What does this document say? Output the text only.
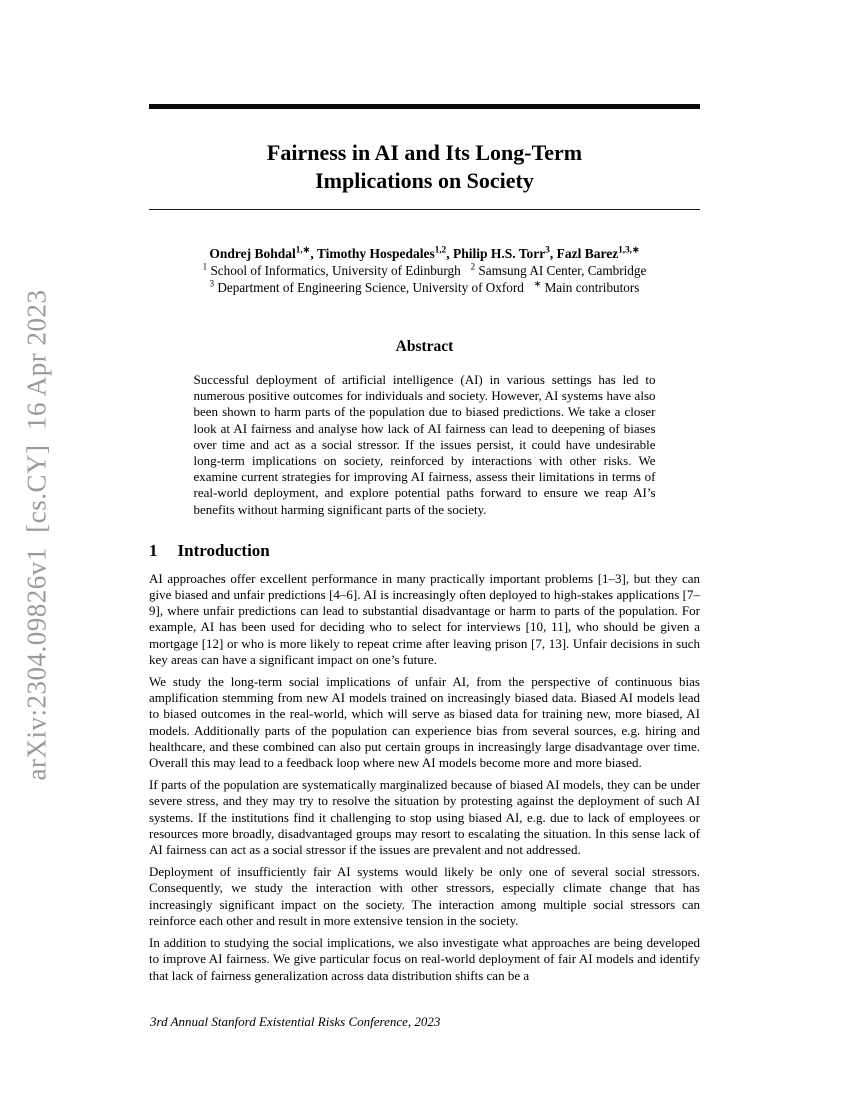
arXiv:2304.09826v1  [cs.CY]  16 Apr 2023
Fairness in AI and Its Long-Term
Implications on Society
Ondrej Bohdal$^{1,∗}$, Timothy Hospedales$^{1,2}$, Philip H.S. Torr$^3$, Fazl Barez$^{1,3,∗}$
$^1$ School of Informatics, University of Edinburgh   $^2$ Samsung AI Center, Cambridge
$^3$ Department of Engineering Science, University of Oxford   ∗ Main contributors
Abstract

Successful deployment of artificial intelligence (AI) in various settings has led to numerous positive outcomes for individuals and society. However, AI systems have also been shown to harm parts of the population due to biased predictions. We take a closer look at AI fairness and analyse how lack of AI fairness can lead to deepening of biases over time and act as a social stressor. If the issues persist, it could have undesirable long-term implications on society, reinforced by interactions with other risks. We examine current strategies for improving AI fairness, assess their limitations in terms of real-world deployment, and explore potential paths forward to ensure we reap AI’s benefits without harming significant parts of the society.

1 Introduction

AI approaches offer excellent performance in many practically important problems [1–3], but they can give biased and unfair predictions [4–6]. AI is increasingly often deployed to high-stakes applications [7–9], where unfair predictions can lead to substantial disadvantage or harm to parts of the population. For example, AI has been used for deciding who to select for interviews [10, 11], who should be given a mortgage [12] or who is more likely to repeat crime after leaving prison [7, 13]. Unfair decisions in such key areas can have a significant impact on one’s future.

We study the long-term social implications of unfair AI, from the perspective of continuous bias amplification stemming from new AI models trained on increasingly biased data. Biased AI models lead to biased outcomes in the real-world, which will serve as biased data for training new, more biased, AI models. Additionally parts of the population can experience bias from several sources, e.g. hiring and healthcare, and these combined can also put certain groups in increasingly large disadvantage over time. Overall this may lead to a feedback loop where new AI models become more and more biased.

If parts of the population are systematically marginalized because of biased AI models, they can be under severe stress, and they may try to resolve the situation by protesting against the deployment of such AI systems. If the institutions find it challenging to stop using biased AI, e.g. due to lack of employees or resources more broadly, disadvantaged groups may resort to escalating the situation. In this sense lack of AI fairness can act as a social stressor if the issues are prevalent and not addressed.

Deployment of insufficiently fair AI systems would likely be only one of several social stressors. Consequently, we study the interaction with other stressors, especially climate change that has increasingly significant impact on the society. The interaction among multiple social stressors can reinforce each other and result in more extensive tension in the society.

In addition to studying the social implications, we also investigate what approaches are being developed to improve AI fairness. We give particular focus on real-world deployment of fair AI models and identify that lack of fairness generalization across data distribution shifts can be a

3rd Annual Stanford Existential Risks Conference, 2023
